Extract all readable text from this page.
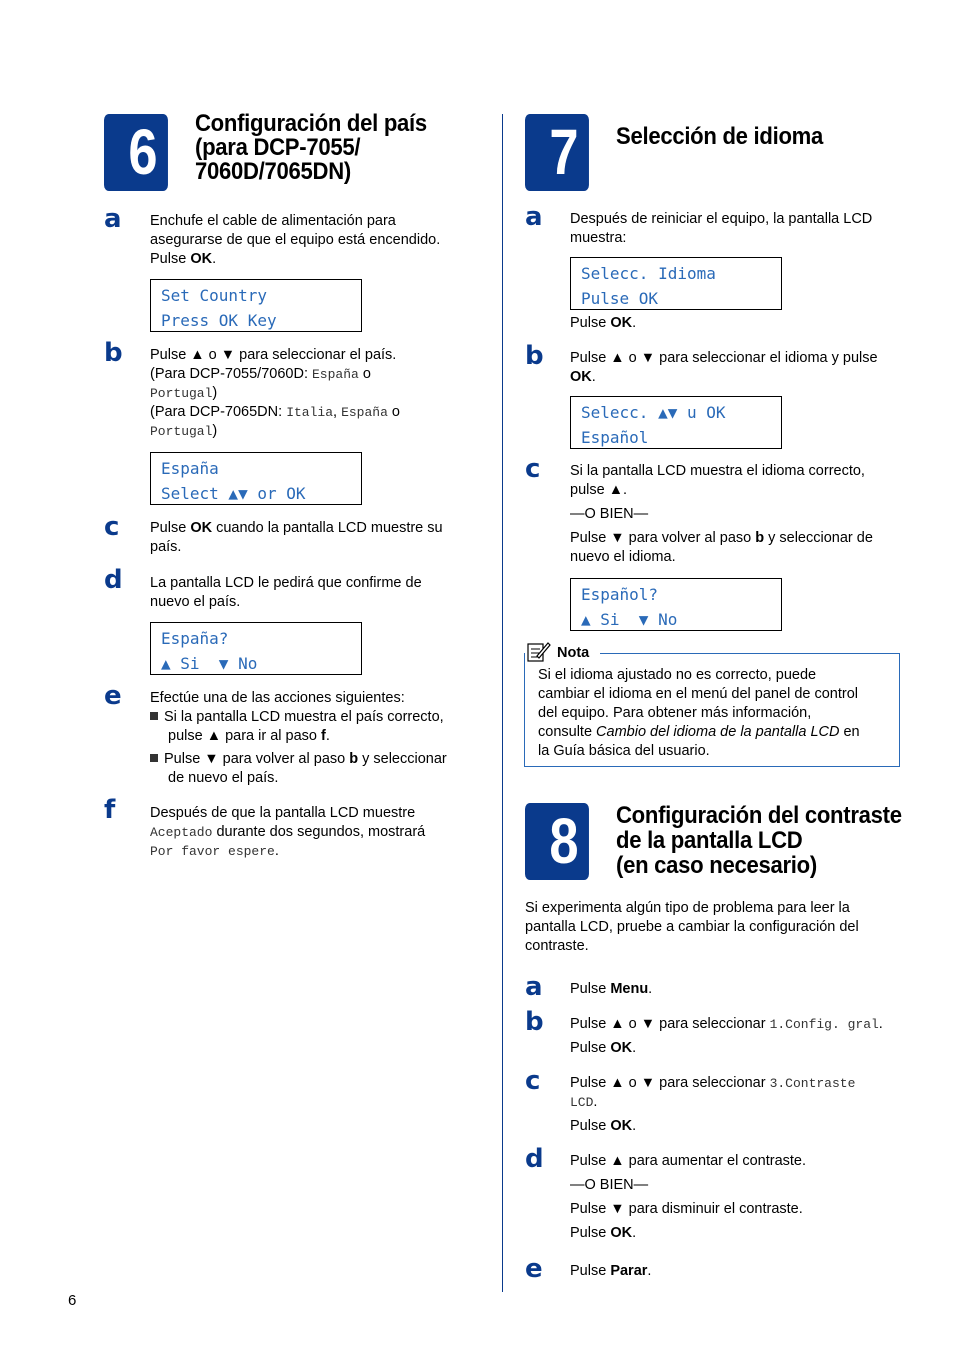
6	Configuración del país
(para DCP-7055/
7060D/7065DN)
a Enchufe el cable de alimentación para
asegurarse de que el equipo está encendido.
Pulse OK.
Set Country
Press OK Key
b Pulse ▲ o ▼ para seleccionar el país.
(Para DCP-7055/7060D: España o
Portugal)
(Para DCP-7065DN: Italia, España o
Portugal)
España
Select ▲▼ or OK
c Pulse OK cuando la pantalla LCD muestre su
país.
d La pantalla LCD le pedirá que confirme de
nuevo el país.
España?
▲ Si  ▼ No
e Efectúe una de las acciones siguientes:
Si la pantalla LCD muestra el país correcto,
pulse ▲ para ir al paso f.
Pulse ▼ para volver al paso b y seleccionar
de nuevo el país.
f Después de que la pantalla LCD muestre
Aceptado durante dos segundos, mostrará
Por favor espere.
7	Selección de idioma
a Después de reiniciar el equipo, la pantalla LCD
muestra:
Selecc. Idioma
Pulse OK
Pulse OK.
b Pulse ▲ o ▼ para seleccionar el idioma y pulse
OK.
Selecc. ▲▼ u OK
Español
c Si la pantalla LCD muestra el idioma correcto,
pulse ▲.
—O BIEN—
Pulse ▼ para volver al paso b y seleccionar de
nuevo el idioma.
Español?
▲ Si  ▼ No
Nota
Si el idioma ajustado no es correcto, puede
cambiar el idioma en el menú del panel de control
del equipo. Para obtener más información,
consulte Cambio del idioma de la pantalla LCD en
la Guía básica del usuario.
8	Configuración del contraste
de la pantalla LCD
(en caso necesario)
Si experimenta algún tipo de problema para leer la
pantalla LCD, pruebe a cambiar la configuración del
contraste.
a Pulse Menu.
b Pulse ▲ o ▼ para seleccionar 1.Config. gral.
Pulse OK.
c Pulse ▲ o ▼ para seleccionar 3.Contraste
LCD.
Pulse OK.
d Pulse ▲ para aumentar el contraste.
—O BIEN—
Pulse ▼ para disminuir el contraste.
Pulse OK.
e Pulse Parar.
6
